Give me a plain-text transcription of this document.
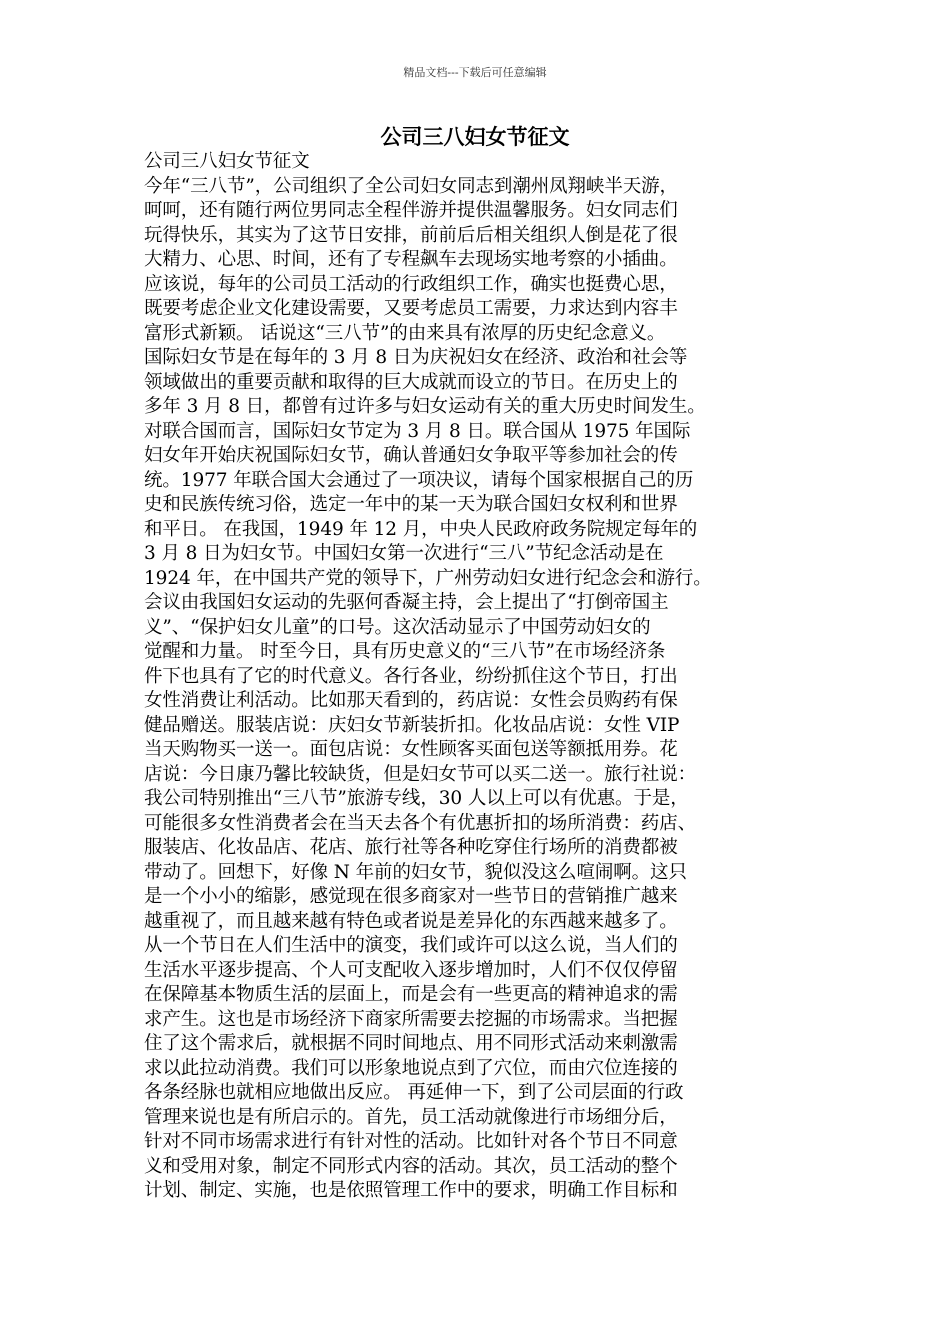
精品文档---下载后可任意编辑
公司三八妇女节征文
公司三八妇女节征文
今年“三八节”，公司组织了全公司妇女同志到潮州凤翔峡半天游，
呵呵，还有随行两位男同志全程伴游并提供温馨服务。妇女同志们
玩得快乐，其实为了这节日安排，前前后后相关组织人倒是花了很
大精力、心思、时间，还有了专程飙车去现场实地考察的小插曲。
应该说，每年的公司员工活动的行政组织工作，确实也挺费心思，
既要考虑企业文化建设需要，又要考虑员工需要，力求达到内容丰
富形式新颖。 话说这“三八节”的由来具有浓厚的历史纪念意义。
国际妇女节是在每年的 3 月 8 日为庆祝妇女在经济、政治和社会等
领域做出的重要贡献和取得的巨大成就而设立的节日。在历史上的
多年 3 月 8 日，都曾有过许多与妇女运动有关的重大历史时间发生。
对联合国而言，国际妇女节定为 3 月 8 日。联合国从 1975 年国际
妇女年开始庆祝国际妇女节，确认普通妇女争取平等参加社会的传
统。1977 年联合国大会通过了一项决议，请每个国家根据自己的历
史和民族传统习俗，选定一年中的某一天为联合国妇女权利和世界
和平日。 在我国，1949 年 12 月，中央人民政府政务院规定每年的
3 月 8 日为妇女节。中国妇女第一次进行“三八”节纪念活动是在
1924 年，在中国共产党的领导下，广州劳动妇女进行纪念会和游行。
会议由我国妇女运动的先驱何香凝主持，会上提出了“打倒帝国主
义”、“保护妇女儿童”的口号。这次活动显示了中国劳动妇女的
觉醒和力量。 时至今日，具有历史意义的“三八节”在市场经济条
件下也具有了它的时代意义。各行各业，纷纷抓住这个节日，打出
女性消费让利活动。比如那天看到的，药店说：女性会员购药有保
健品赠送。服装店说：庆妇女节新装折扣。化妆品店说：女性 VIP
当天购物买一送一。面包店说：女性顾客买面包送等额抵用券。花
店说：今日康乃馨比较缺货，但是妇女节可以买二送一。旅行社说：
我公司特别推出“三八节”旅游专线，30 人以上可以有优惠。于是，
可能很多女性消费者会在当天去各个有优惠折扣的场所消费：药店、
服装店、化妆品店、花店、旅行社等各种吃穿住行场所的消费都被
带动了。回想下，好像 N 年前的妇女节，貌似没这么喧闹啊。这只
是一个小小的缩影，感觉现在很多商家对一些节日的营销推广越来
越重视了，而且越来越有特色或者说是差异化的东西越来越多了。
从一个节日在人们生活中的演变，我们或许可以这么说，当人们的
生活水平逐步提高、个人可支配收入逐步增加时，人们不仅仅停留
在保障基本物质生活的层面上，而是会有一些更高的精神追求的需
求产生。这也是市场经济下商家所需要去挖掘的市场需求。当把握
住了这个需求后，就根据不同时间地点、用不同形式活动来刺激需
求以此拉动消费。我们可以形象地说点到了穴位，而由穴位连接的
各条经脉也就相应地做出反应。 再延伸一下，到了公司层面的行政
管理来说也是有所启示的。首先，员工活动就像进行市场细分后，
针对不同市场需求进行有针对性的活动。比如针对各个节日不同意
义和受用对象，制定不同形式内容的活动。其次，员工活动的整个
计划、制定、实施，也是依照管理工作中的要求，明确工作目标和
